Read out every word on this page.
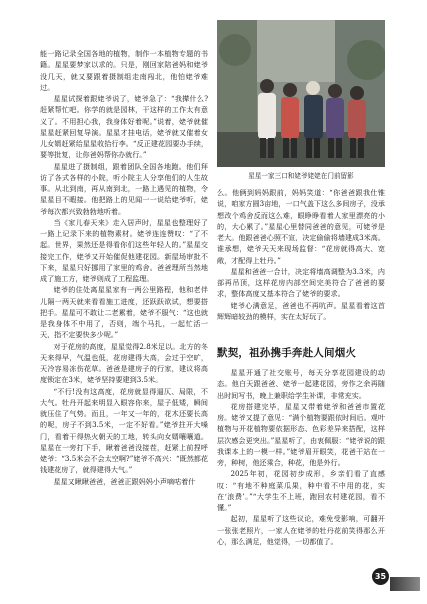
能一路记录全国各地的植物，制作一本植物专题的书籍。星星要梦家以求的。只是，刚回家陪爸妈和姥爷没几天，就又要跟着摄制组走南闯北，他怕姥爷难过。

星星试探着跟姥爷说了，姥爷急了：“我撵什么?赶紧帮忙吧。你学的就是园林，干这样的工作太有意义了。不用担心我，我身体好着呢。”说着，姥爷就催星星赶紧回复导演。星星才挂电话，姥爷就又催着女儿女婿赶紧给星星收拾行李。“反正建花园要办手续，要等批复，让你爸妈帮你办就行。”

星星进了摄制组，跟着团队全国各地跑。他们拜访了各式各样的小院，听小院主人分享他们的人生故事。从北到南，再从南到北，一路上遇见的植物，令星星目不暇接。他把路上的见闻一一说给姥爷听，姥爷每次都兴致勃勃地听着。

当《家儿春天来》走入居声时，星星也整理好了一路上记录下来的植物素材。姥爷连连赞叹：“了不起。世界，果然还是得看你们这些年轻人的。”星星交接完工作，姥爷又开始催促他建花园。新屋场审批不下来，星星只好挪用了家里的鸡舍。爸爸理所当然地成了施工方，姥爷则成了工程监理。

姥爷的住处离星星家有一两公里路程，他和老伴儿隔一两天就来看看施工进度，还跃跃欲试，想要搭把手。星星可不敢让二老累着，姥爷不服气：“这也就是我身体不中用了，否则，端个马扎，一起忙活一天，指不定要快多少呢。”

对于花房的高度，星星觉得2.8米足以。北方的冬天来得早，气温也低，花房建得大高，会过于空旷，天冷容易冻伤花草。爸爸是建房子的行家，建议将高度锁定在3米，姥爷坚持要建到3.5米。

“不行!没有这高度，花房就显得逼仄、局限，不大气。牡丹开起来明显入眼容你来，屋子低矮，瞬间就压住了气势。而且，一年又一年的，花木还要长高的呢，房子不到3.5米，一定不好看。”姥爷拄开大嗓门，看着干得热火朝天的工地，转头向女婿嚷嚷道。星星在一旁打下手，瞅着爸爸没接茬，赶紧上前捏呼姥爷：“3.5米会不会太空啊?”姥爷不高兴：“既然都花钱建花房了，就得建得大气。”

星星又瞅瞅爸爸，爸爸正跟妈妈小声嘀咕着什

星星一家三口和姥爷姥姥在门前留影

么。他俩到妈妈跟前，妈妈笑道：“你爸爸跟我仕锥说，咱家方圆3亩地，一口气盖下这么多间房子，没承想改个鸡舍反而这么难，眼睁睁看着人家里漂亮的小的，大心累了。”星星心里替同爸爸的意见，可姥爷是老大。他跟爸爸心照不宣，决定偷偷将墙建成3米高。谁承想，姥爷天天来现场监督：“花房就得高大、宽敞，才配得上牡丹。”

星星和爸爸一合计，决定将墙高调整为3.3米，内部再吊顶，这样花房内部空间完美符合了爸爸的要求，整体高度又基本符合了姥爷的要求。

姥爷心满意足，爸爸也不再吭声。星星看着这首辉辉暗较劲的模样，实在太好玩了。

默契，祖孙携手奔赴人间烟火

星星开通了社交账号，每天分享花园建设的动态。他白天跟爸爸、姥爷一起建花园，旁作之余再随出时间写书，晚上兼职给学生补课，非常充实。

花房搭建完毕，星星又带着姥爷和爸爸市置花房。姥爷又提了意见：“满个植物要跟依时间后。观叶植物与开花植物要依据形态、色彩差异来搭配，这样层次感会更突出。”星星听了，由衷佩服：“姥爷说的跟我课本上的一模一样。”姥爷眉开眼笑，花爸干站在一旁，种树，他还乘合，种花，他是外行。

2025年初，花园初步成形，乡亲们看了直感叹：“有地不种庭菜瓜果，种中看不中用的花，实在‘浪费’。”“大学生不上班，跑回农村建花园，看不懂。”

起初，星星听了这些议论，难免受影响，可翻开一张张老照片，一家人在姥爷的牡丹花前笑得那么开心，那么满足，他觉得，一切都值了。

35
